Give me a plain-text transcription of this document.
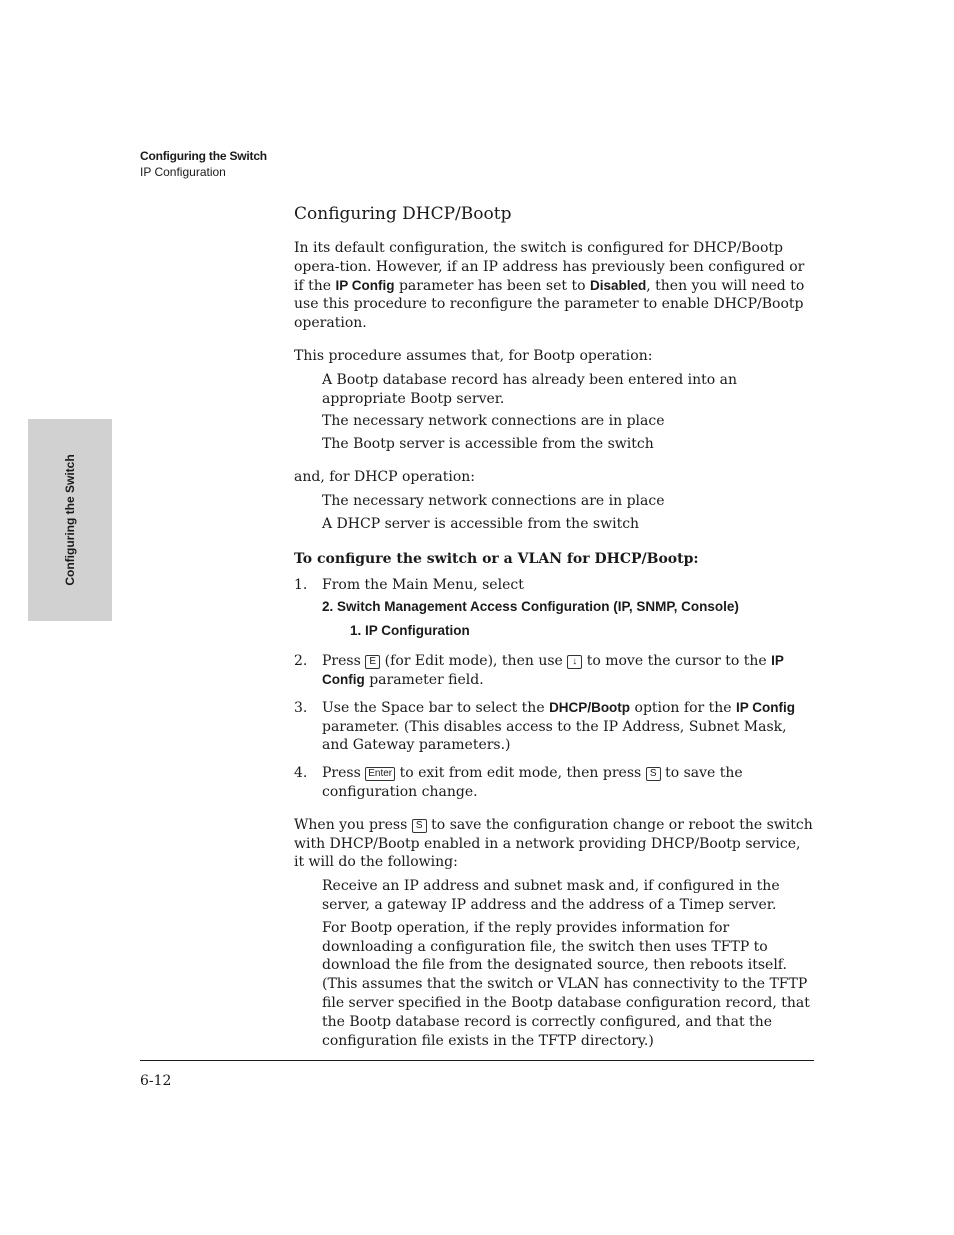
Configuring the Switch
IP Configuration
Configuring the Switch
Configuring DHCP/Bootp

In its default configuration, the switch is configured for DHCP/Bootp opera-tion. However, if an IP address has previously been configured or if the IP Config parameter has been set to Disabled, then you will need to use this procedure to reconfigure the parameter to enable DHCP/Bootp operation.

This procedure assumes that, for Bootp operation:

A Bootp database record has already been entered into an appropriate Bootp server.

The necessary network connections are in place

The Bootp server is accessible from the switch

and, for DHCP operation:

The necessary network connections are in place

A DHCP server is accessible from the switch

To configure the switch or a VLAN for DHCP/Bootp:

1. From the Main Menu, select
2. Switch Management Access Configuration (IP, SNMP, Console)
1. IP Configuration
2. Press E (for Edit mode), then use ↓ to move the cursor to the IP Config parameter field.
3. Use the Space bar to select the DHCP/Bootp option for the IP Config parameter. (This disables access to the IP Address, Subnet Mask, and Gateway parameters.)
4. Press Enter to exit from edit mode, then press S to save the configuration change.

When you press S to save the configuration change or reboot the switch with DHCP/Bootp enabled in a network providing DHCP/Bootp service, it will do the following:

Receive an IP address and subnet mask and, if configured in the server, a gateway IP address and the address of a Timep server.

For Bootp operation, if the reply provides information for downloading a configuration file, the switch then uses TFTP to download the file from the designated source, then reboots itself. (This assumes that the switch or VLAN has connectivity to the TFTP file server specified in the Bootp database configuration record, that the Bootp database record is correctly configured, and that the configuration file exists in the TFTP directory.)

6-12
